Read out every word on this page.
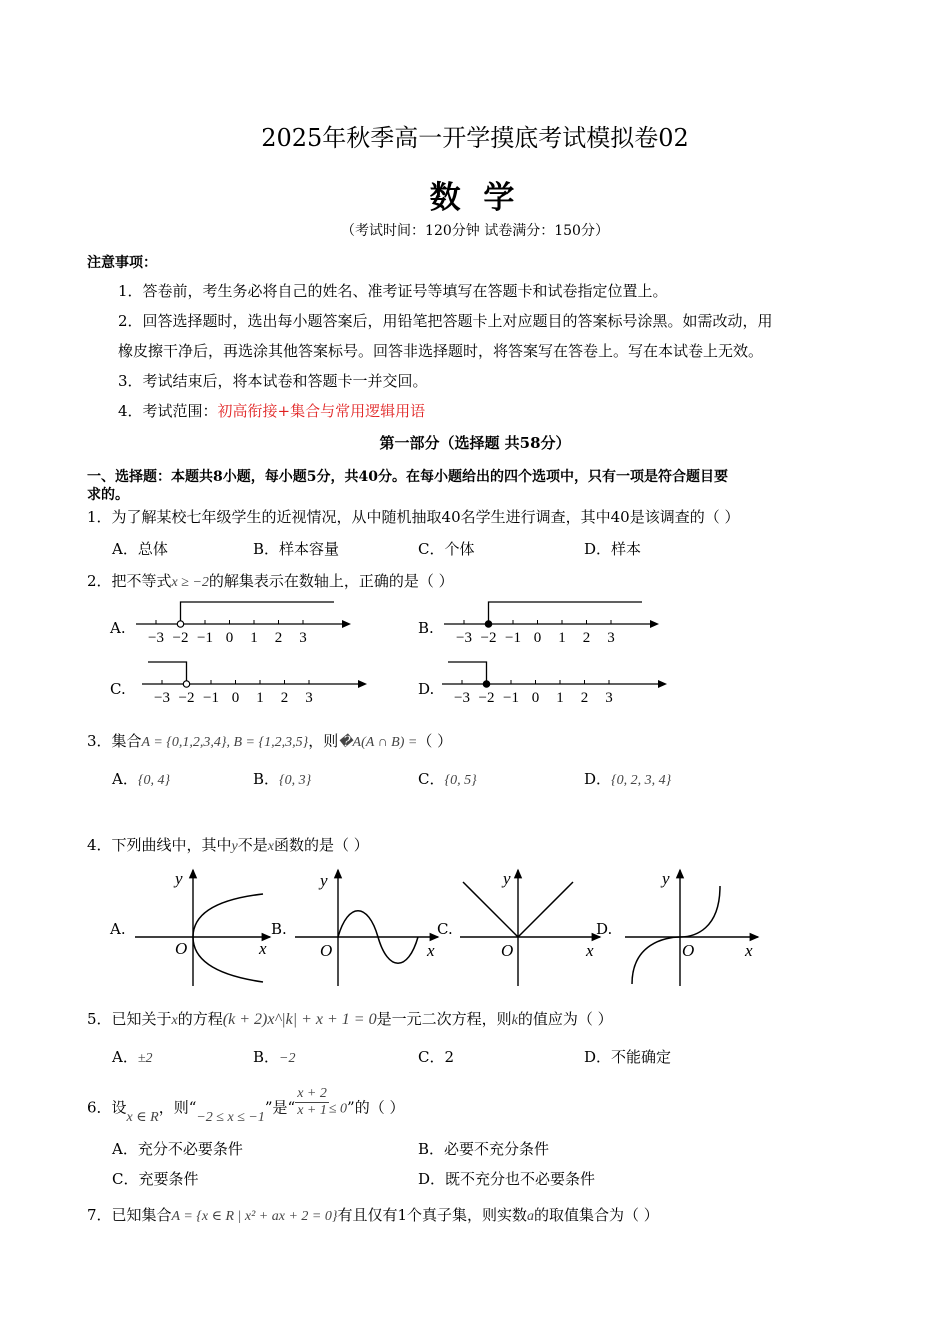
2025年秋季高一开学摸底考试模拟卷02
数 学
（考试时间：120分钟 试卷满分：150分）
注意事项：
1．答卷前，考生务必将自己的姓名、准考证号等填写在答题卡和试卷指定位置上。
2．回答选择题时，选出每小题答案后，用铅笔把答题卡上对应题目的答案标号涂黑。如需改动，用
橡皮擦干净后，再选涂其他答案标号。回答非选择题时，将答案写在答卷上。写在本试卷上无效。
3．考试结束后，将本试卷和答题卡一并交回。
4．考试范围：初高衔接+集合与常用逻辑用语
第一部分（选择题 共58分）
一、选择题：本题共8小题，每小题5分，共40分。在每小题给出的四个选项中，只有一项是符合题目要
求的。
1．为了解某校七年级学生的近视情况，从中随机抽取40名学生进行调查，其中40是该调查的（ ）
A．总体	B．样本容量	C．个体	D．样本
2．把不等式x ≥ −2的解集表示在数轴上，正确的是（ ）
A.	B.
C.	D.
−3 −2 −1 0 1 2 3	−3 −2 −1 0 1 2 3
−3 −2 −1 0 1 2 3	−3 −2 −1 0 1 2 3
3．集合A = {0,1,2,3,4}, B = {1,2,3,5}，则�A(A ∩ B) =（ ）
A．{0, 4}	B．{0, 3}	C．{0, 5}	D．{0, 2, 3, 4}
4．下列曲线中，其中y不是x函数的是（ ）
A.	B.	C.	D.
y
x
O
y
x
O
y
x
O
y
x
O
5．已知关于x的方程(k + 2)x^|k| + x + 1 = 0是一元二次方程，则k的值应为（ ）
A．±2	B．−2	C．2	D．不能确定
6．设x ∈ R，则“−2 ≤ x ≤ −1”是“ $\frac{x + 2}{x + 1} \le 0$”的（ ）
A．充分不必要条件	B．必要不充分条件
C．充要条件	D．既不充分也不必要条件
7．已知集合A = {x ∈ R | x² + ax + 2 = 0}有且仅有1个真子集，则实数a的取值集合为（ ）
